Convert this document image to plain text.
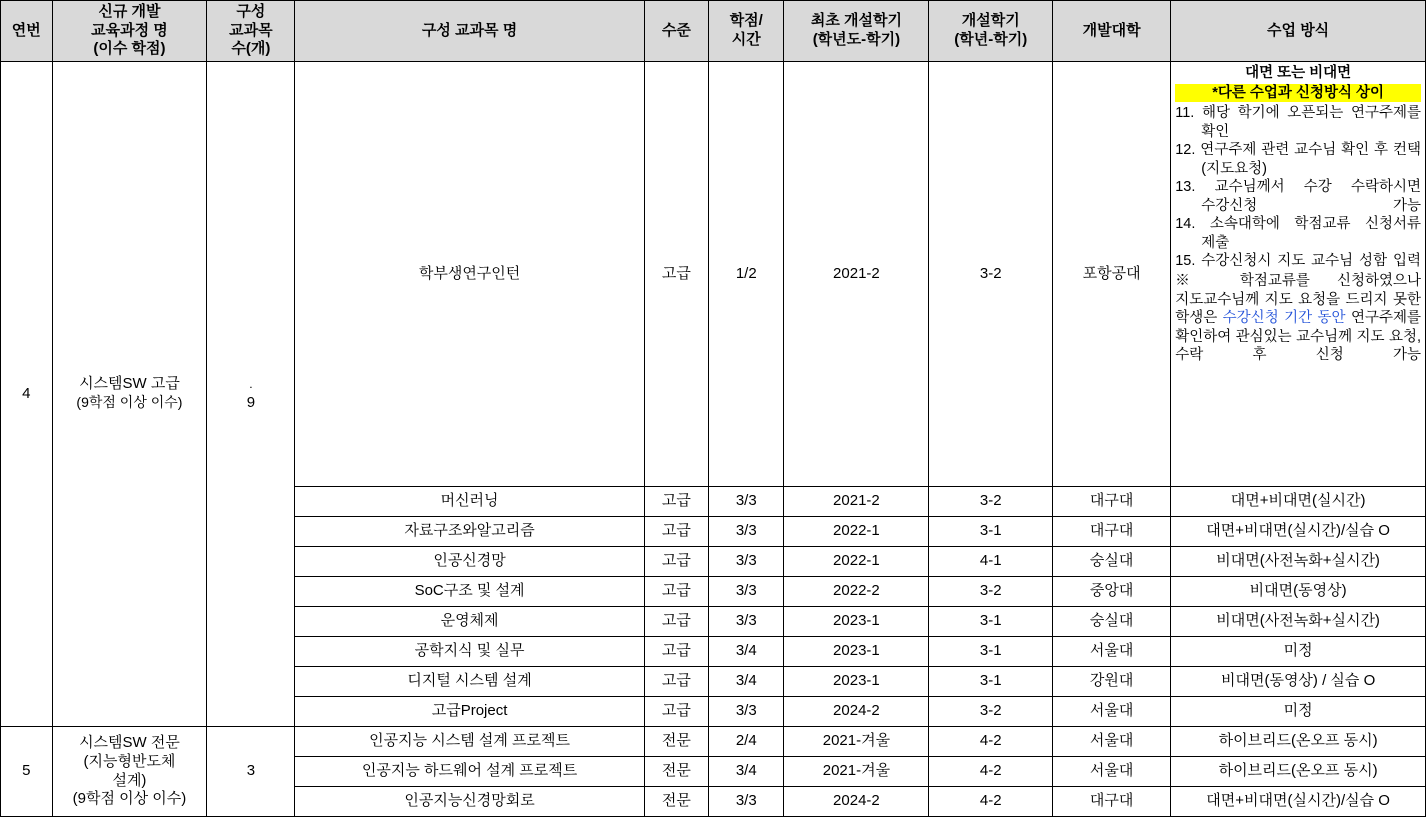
연번	신규 개발
교육과정 명
(이수 학점)	구성
교과목
수(개)	구성 교과목 명	수준	학점/
시간	최초 개설학기
(학년도-학기)	개설학기
(학년-학기)	개발대학	수업 방식
4	시스템SW 고급
(9학점 이상 이수)	.
9	학부생연구인턴	고급	1/2	2021-2	3-2	포항공대	
대면 또는 비대면
*다른 수업과 신청방식 상이
11. 해당 학기에 오픈되는 연구주제를 확인
12. 연구주제 관련 교수님 확인 후 컨택(지도요청)
13. 교수님께서 수강 수락하시면 수강신청 가능
14. 소속대학에 학점교류 신청서류 제출
15. 수강신청시 지도 교수님 성함 입력
※ 학점교류를 신청하였으나 지도교수님께 지도 요청을 드리지 못한 학생은 수강신청 기간 동안 연구주제를 확인하여 관심있는 교수님께 지도 요청, 수락 후 신청 가능

			머신러닝	고급	3/3	2021-2	3-2	대구대	대면+비대면(실시간)
			자료구조와알고리즘	고급	3/3	2022-1	3-1	대구대	대면+비대면(실시간)/실습 O
			인공신경망	고급	3/3	2022-1	4-1	숭실대	비대면(사전녹화+실시간)
			SoC구조 및 설계	고급	3/3	2022-2	3-2	중앙대	비대면(동영상)
			운영체제	고급	3/3	2023-1	3-1	숭실대	비대면(사전녹화+실시간)
			공학지식 및 실무	고급	3/4	2023-1	3-1	서울대	미정
			디지털 시스템 설계	고급	3/4	2023-1	3-1	강원대	비대면(동영상) / 실습 O
			고급Project	고급	3/3	2024-2	3-2	서울대	미정
5	시스템SW 전문
(지능형반도체
설계)
(9학점 이상 이수)	3	인공지능 시스템 설계 프로젝트	전문	2/4	2021-겨울	4-2	서울대	하이브리드(온오프 동시)
			인공지능 하드웨어 설계 프로젝트	전문	3/4	2021-겨울	4-2	서울대	하이브리드(온오프 동시)
			인공지능신경망회로	전문	3/3	2024-2	4-2	대구대	대면+비대면(실시간)/실습 O
